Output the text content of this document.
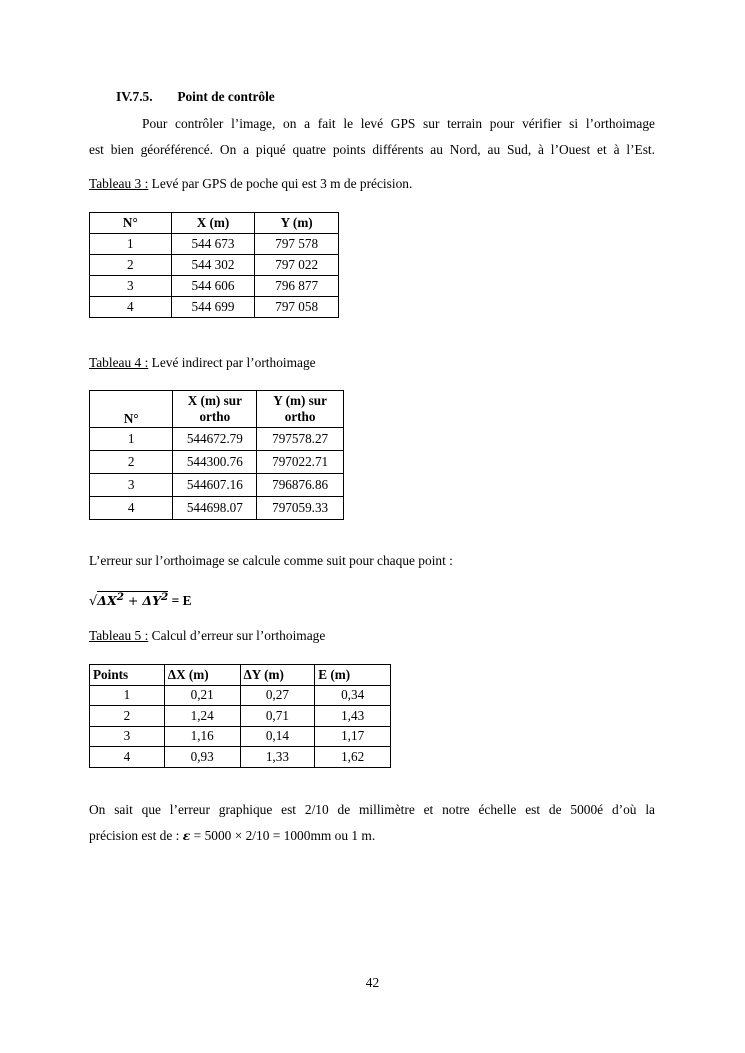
IV.7.5. Point de contrôle
Pour contrôler l’image, on a fait le levé GPS sur terrain pour vérifier si l’orthoimage
est bien géoréférencé. On a piqué quatre points différents au Nord, au Sud, à l’Ouest et à l’Est.
Tableau 3 : Levé par GPS de poche qui est 3 m de précision.
N°	X (m)	Y (m)
1	544 673	797 578
2	544 302	797 022
3	544 606	796 877
4	544 699	797 058
Tableau 4 : Levé indirect par l’orthoimage
N°	X (m) sur ortho	Y (m) sur ortho
1	544672.79	797578.27
2	544300.76	797022.71
3	544607.16	796876.86
4	544698.07	797059.33
L’erreur sur l’orthoimage se calcule comme suit pour chaque point :
$√\Delta X^2 + \Delta Y^2 = E$
Tableau 5 : Calcul d’erreur sur l’orthoimage
Points	ΔX (m)	ΔY (m)	E (m)
1	0,21	0,27	0,34
2	1,24	0,71	1,43
3	1,16	0,14	1,17
4	0,93	1,33	1,62
On sait que l’erreur graphique est 2/10 de millimètre et notre échelle est de 5000é d’où la
précision est de : ε = 5000 × 2/10 = 1000mm ou 1 m.
42
